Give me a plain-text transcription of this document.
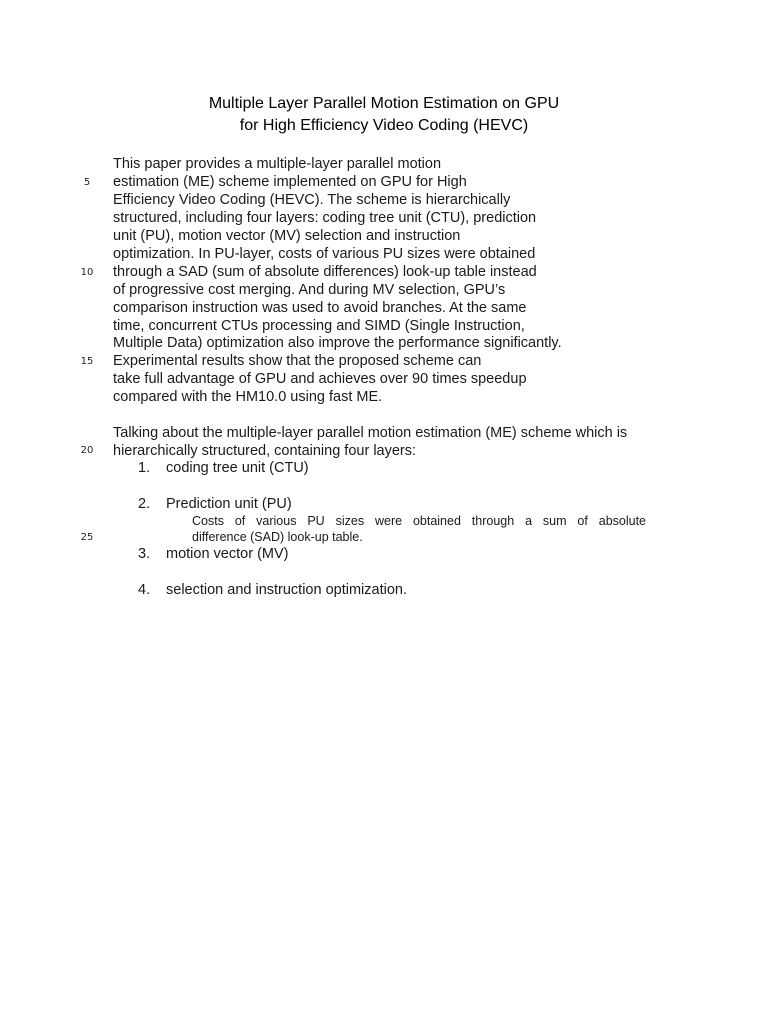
Multiple Layer Parallel Motion Estimation on GPU
for High Efficiency Video Coding (HEVC)
5
10
15
20
25
This paper provides a multiple-layer parallel motion
estimation (ME) scheme implemented on GPU for High
Efficiency Video Coding (HEVC). The scheme is hierarchically
structured, including four layers: coding tree unit (CTU), prediction
unit (PU), motion vector (MV) selection and instruction
optimization. In PU-layer, costs of various PU sizes were obtained
through a SAD (sum of absolute differences) look-up table instead
of progressive cost merging. And during MV selection, GPU’s
comparison instruction was used to avoid branches. At the same
time, concurrent CTUs processing and SIMD (Single Instruction,
Multiple Data) optimization also improve the performance significantly.
Experimental results show that the proposed scheme can
take full advantage of GPU and achieves over 90 times speedup
compared with the HM10.0 using fast ME.
Talking about the multiple-layer parallel motion estimation (ME) scheme which is
hierarchically structured, containing four layers:
1. coding tree unit (CTU)
2. Prediction unit (PU)
Costs of various PU sizes were obtained through a sum of absolute
difference (SAD) look-up table.
3. motion vector (MV)
4. selection and instruction optimization.
